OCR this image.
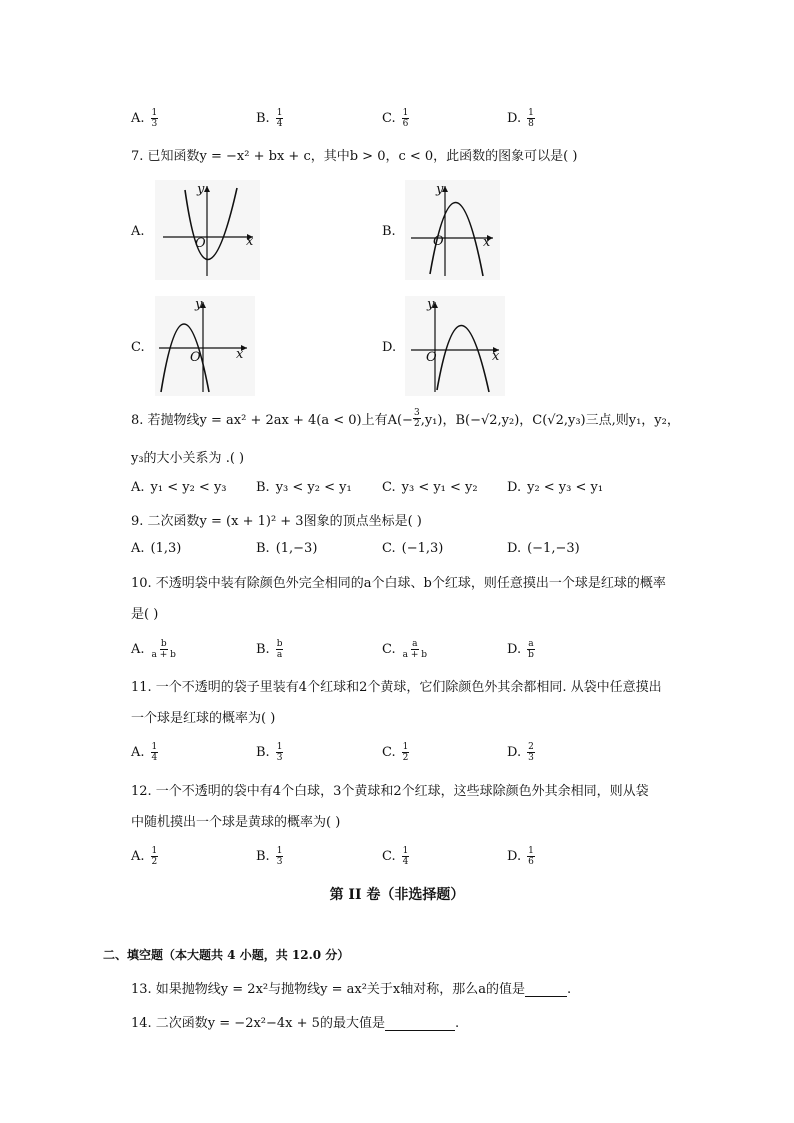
A. $\frac{1}{3}$	B. $\frac{1}{4}$	C. $\frac{1}{6}$	D. $\frac{1}{8}$
7. 已知函数y = −x² + bx + c，其中b > 0，c < 0，此函数的图象可以是( )
A.
y
x
O
B.
y
x
O
C.
y
x
O
D.
y
x
O
8. 若抛物线y = ax² + 2ax + 4(a < 0)上有$A(- \frac{3}{2} ,y_1)$，B(−√2,y₂)，C(√2,y₃)三点,则y₁，y₂，
y₃的大小关系为 .( )
A. y₁ < y₂ < y₃ B. y₃ < y₂ < y₁ C. y₃ < y₁ < y₂ D. y₂ < y₃ < y₁
9. 二次函数y = (x + 1)² + 3图象的顶点坐标是( )
A. (1,3)	B. (1,−3)	C. (−1,3)	D. (−1,−3)
10. 不透明袋中装有除颜色外完全相同的a个白球、b个红球，则任意摸出一个球是红球的概率
是( )
A. $\frac{b}{a + b}$	B. $\frac{b}{a}$	C. $\frac{a}{a + b}$	D. $\frac{a}{b}$
11. 一个不透明的袋子里装有4个红球和2个黄球，它们除颜色外其余都相同. 从袋中任意摸出
一个球是红球的概率为( )
A. $\frac{1}{4}$	B. $\frac{1}{3}$	C. $\frac{1}{2}$	D. $\frac{2}{3}$
12. 一个不透明的袋中有4个白球，3个黄球和2个红球，这些球除颜色外其余相同，则从袋
中随机摸出一个球是黄球的概率为( )
A. $\frac{1}{2}$	B. $\frac{1}{3}$	C. $\frac{1}{4}$	D. $\frac{1}{6}$
第 II 卷（非选择题）
二、填空题（本大题共 4 小题，共 12.0 分）
13. 如果抛物线y = 2x²与抛物线y = ax²关于x轴对称，那么a的值是	.
14. 二次函数y = −2x²−4x + 5的最大值是	.
